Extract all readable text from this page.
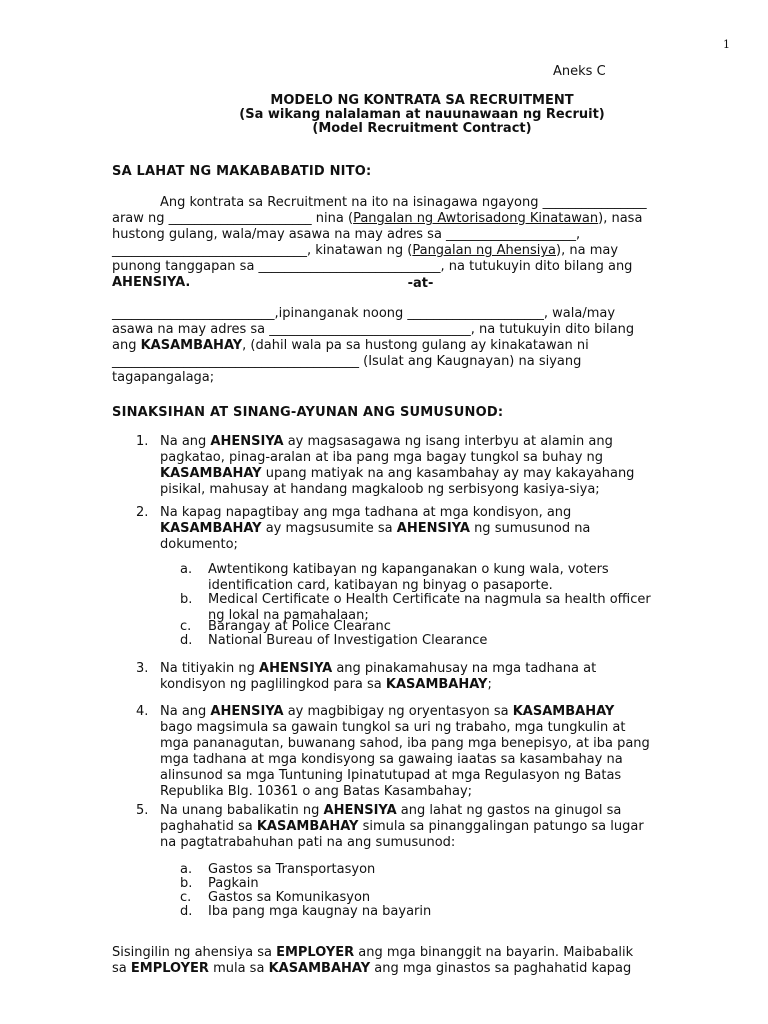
1
Aneks C
MODELO NG KONTRATA SA RECRUITMENT
(Sa wikang nalalaman at nauunawaan ng Recruit)
(Model Recruitment Contract)
SA LAHAT NG MAKABABATID NITO:
Ang kontrata sa Recruitment na ito na isinagawa ngayong ________________
araw ng ______________________ nina (Pangalan ng Awtorisadong Kinatawan), nasa
hustong gulang, wala/may asawa na may adres sa ____________________,
______________________________, kinatawan ng (Pangalan ng Ahensiya), na may
punong tanggapan sa ____________________________, na tutukuyin dito bilang ang
AHENSIYA.	-at-
_________________________,ipinanganak noong _____________________, wala/may
asawa na may adres sa _______________________________, na tutukuyin dito bilang
ang KASAMBAHAY, (dahil wala pa sa hustong gulang ay kinakatawan ni
______________________________________ (Isulat ang Kaugnayan) na siyang
tagapangalaga;
SINAKSIHAN AT SINANG-AYUNAN ANG SUMUSUNOD:
1. Na ang AHENSIYA ay magsasagawa ng isang interbyu at alamin ang
pagkatao, pinag-aralan at iba pang mga bagay tungkol sa buhay ng
KASAMBAHAY upang matiyak na ang kasambahay ay may kakayahang
pisikal, mahusay at handang magkaloob ng serbisyong kasiya-siya;
2. Na kapag napagtibay ang mga tadhana at mga kondisyon, ang
KASAMBAHAY ay magsusumite sa AHENSIYA ng sumusunod na
dokumento;
a. Awtentikong katibayan ng kapanganakan o kung wala, voters
identification card, katibayan ng binyag o pasaporte.
b. Medical Certificate o Health Certificate na nagmula sa health officer
ng lokal na pamahalaan;
c. Barangay at Police Clearanc
d. National Bureau of Investigation Clearance
3. Na titiyakin ng AHENSIYA ang pinakamahusay na mga tadhana at
kondisyon ng paglilingkod para sa KASAMBAHAY;
4. Na ang AHENSIYA ay magbibigay ng oryentasyon sa KASAMBAHAY
bago magsimula sa gawain tungkol sa uri ng trabaho, mga tungkulin at
mga pananagutan, buwanang sahod, iba pang mga benepisyo, at iba pang
mga tadhana at mga kondisyong sa gawaing iaatas sa kasambahay na
alinsunod sa mga Tuntuning Ipinatutupad at mga Regulasyon ng Batas
Republika Blg. 10361 o ang Batas Kasambahay;
5. Na unang babalikatin ng AHENSIYA ang lahat ng gastos na ginugol sa
paghahatid sa KASAMBAHAY simula sa pinanggalingan patungo sa lugar
na pagtatrabahuhan pati na ang sumusunod:
a. Gastos sa Transportasyon
b. Pagkain
c. Gastos sa Komunikasyon
d. Iba pang mga kaugnay na bayarin
Sisingilin ng ahensiya sa EMPLOYER ang mga binanggit na bayarin. Maibabalik
sa EMPLOYER mula sa KASAMBAHAY ang mga ginastos sa paghahatid kapag
